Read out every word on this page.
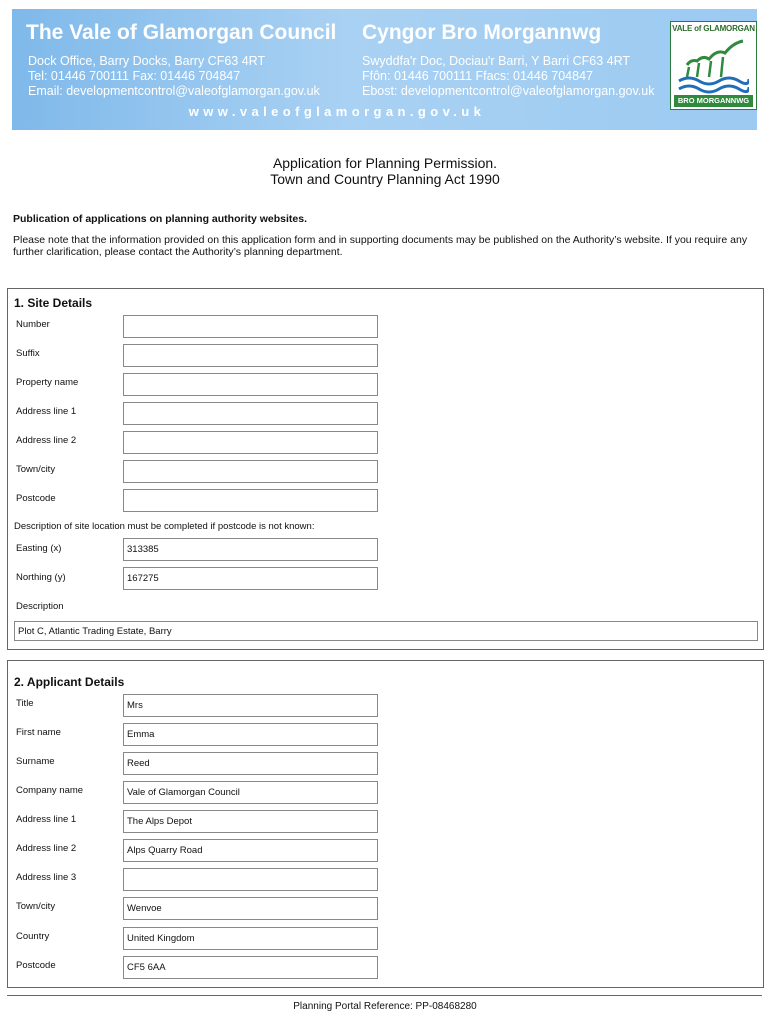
The Vale of Glamorgan Council Cyngor Bro Morgannwg
Dock Office, Barry Docks, Barry CF63 4RT
Tel: 01446 700111 Fax: 01446 704847
Email: developmentcontrol@valeofglamorgan.gov.uk
Swyddfa'r Doc, Dociau'r Barri, Y Barri CF63 4RT
Ffôn: 01446 700111 Ffacs: 01446 704847
Ebost: developmentcontrol@valeofglamorgan.gov.uk
www.valeofglamorgan.gov.uk
VALE of GLAMORGAN
BRO MORGANNWG
Application for Planning Permission.
Town and Country Planning Act 1990
Publication of applications on planning authority websites.
Please note that the information provided on this application form and in supporting documents may be published on the Authority’s website. If you require any further clarification, please contact the Authority’s planning department.
1. Site Details
Number
Suffix
Property name
Address line 1
Address line 2
Town/city
Postcode
Description of site location must be completed if postcode is not known:
Easting (x)	313385
Northing (y)	167275
Description
Plot C, Atlantic Trading Estate, Barry
2. Applicant Details
Title	Mrs
First name	Emma
Surname	Reed
Company name	Vale of Glamorgan Council
Address line 1	The Alps Depot
Address line 2	Alps Quarry Road
Address line 3
Town/city	Wenvoe
Country	United Kingdom
Postcode	CF5 6AA
Planning Portal Reference: PP-08468280
